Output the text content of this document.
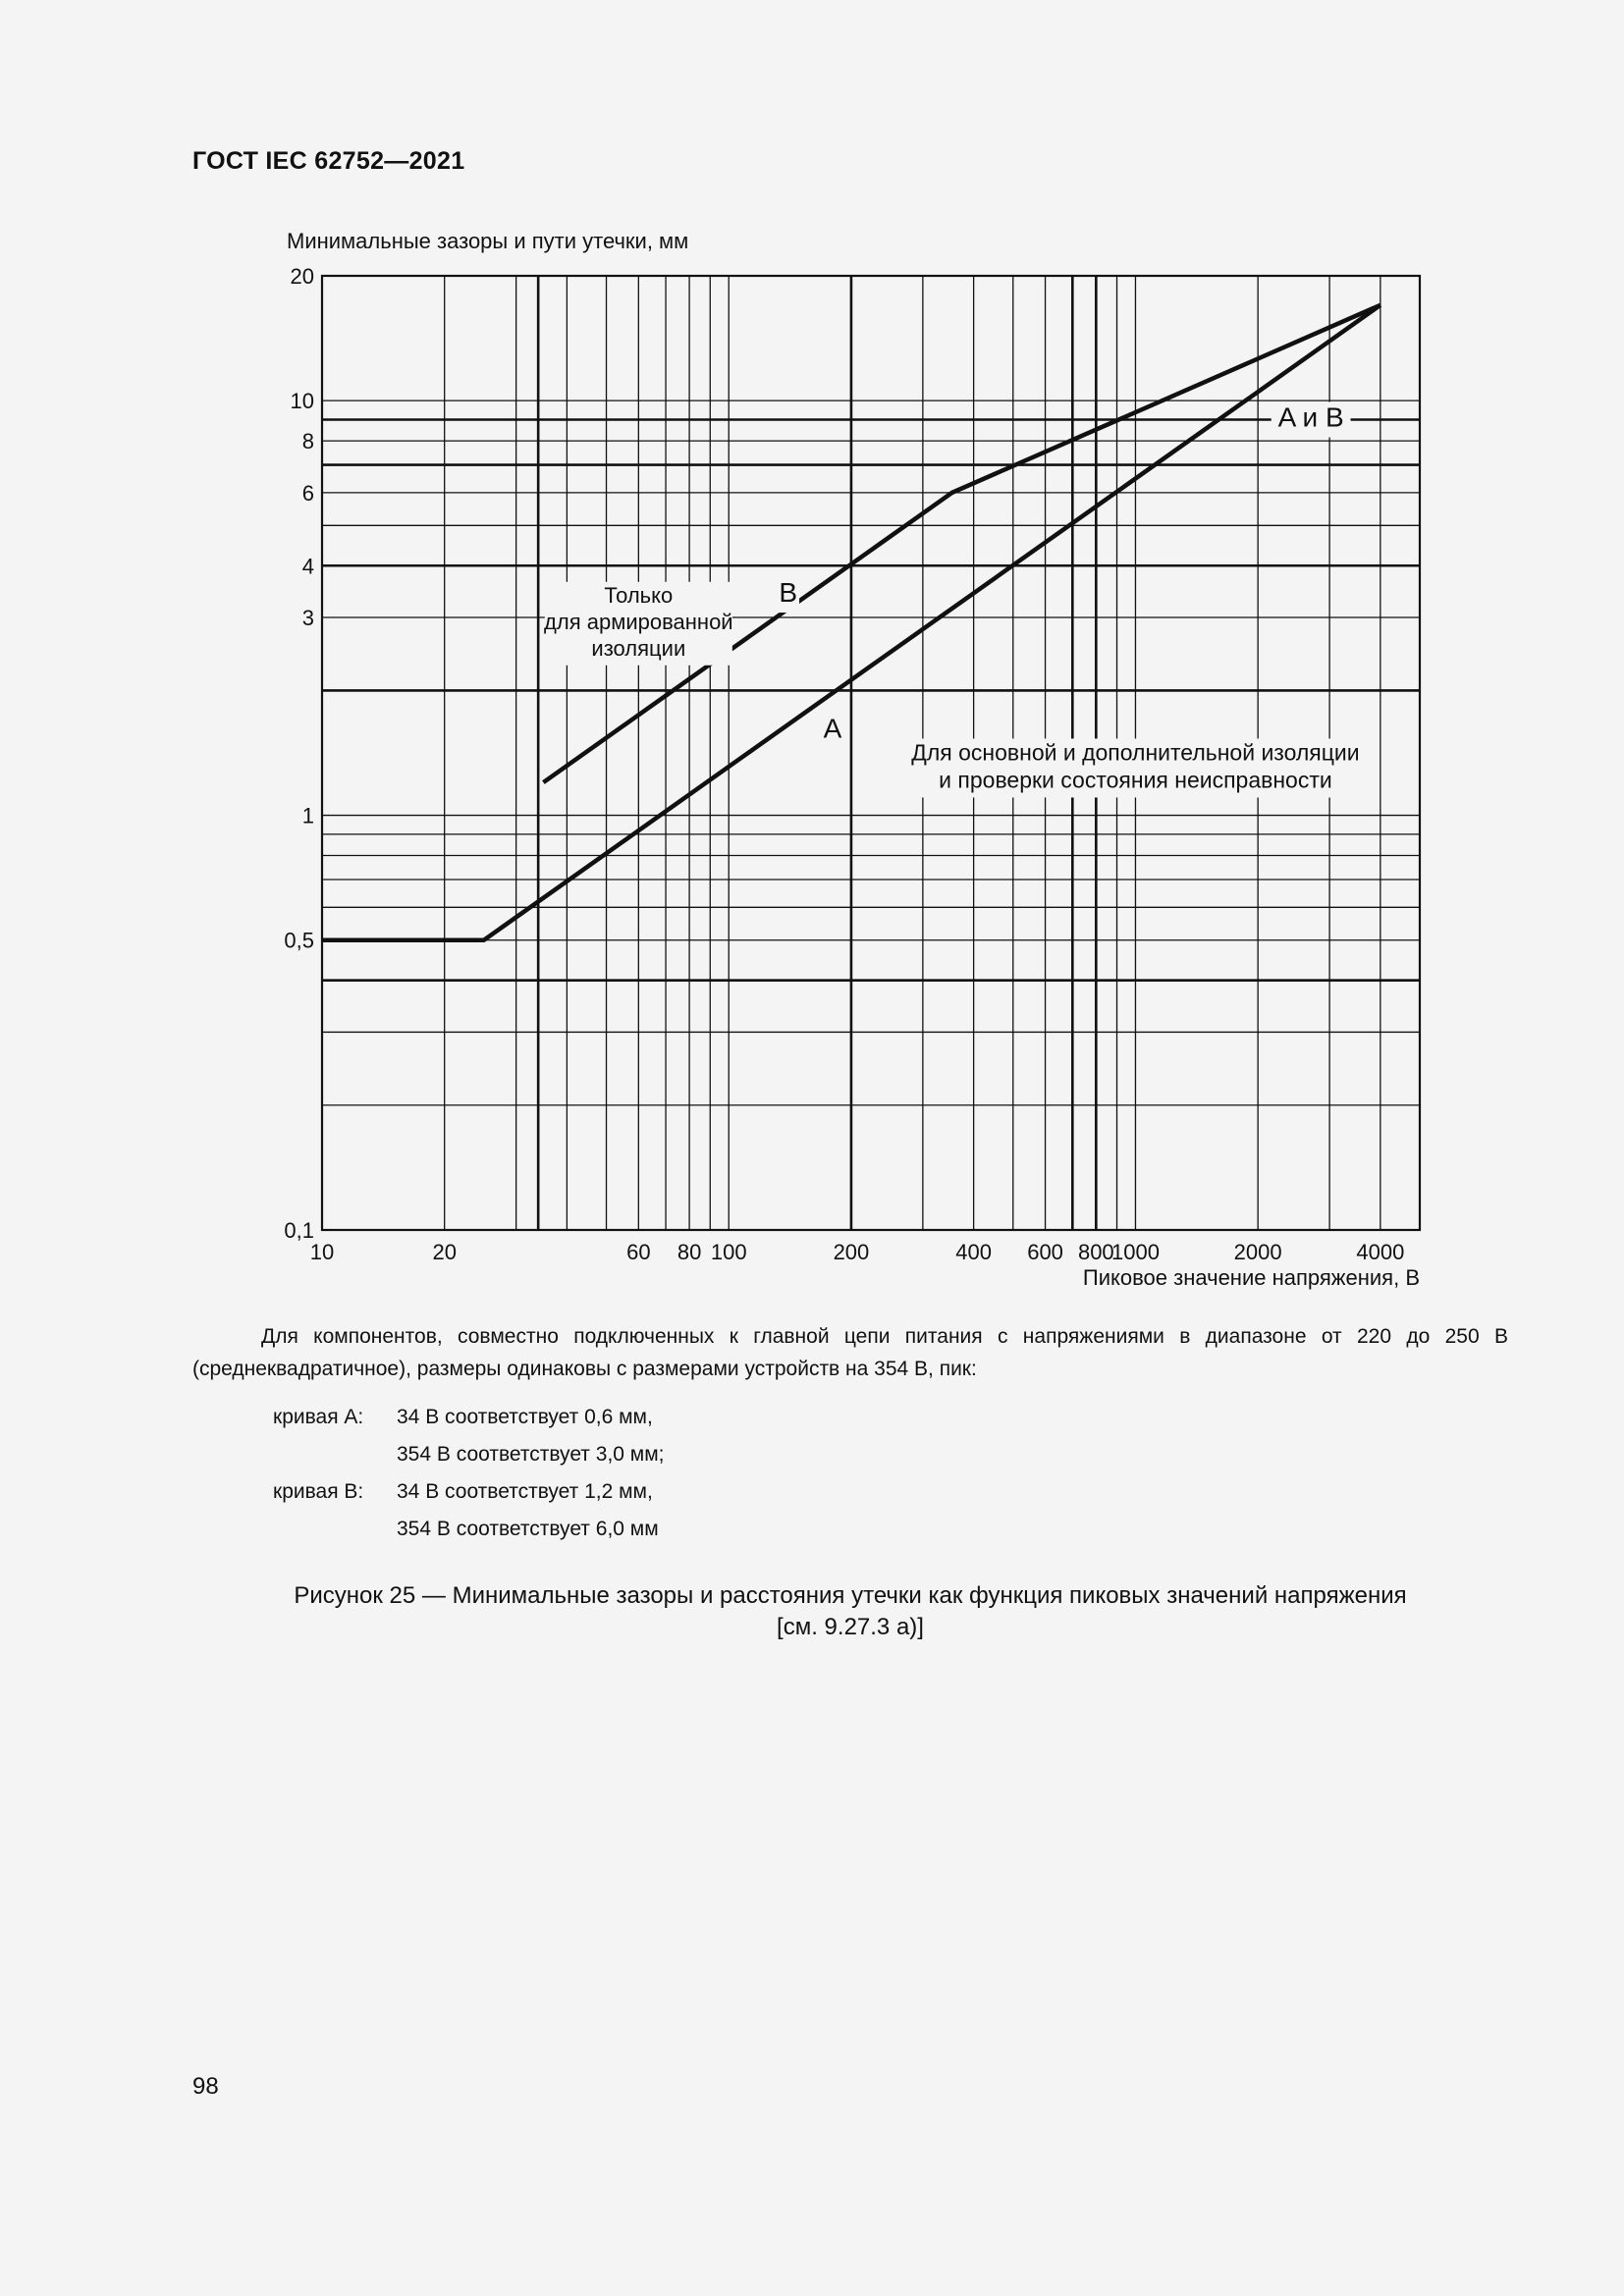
ГОСТ IEC 62752—2021
10	20	60 80 100	200	400 600 800
1000	2000	4000
0,1
0,5
1
3
4
6
8
10
20
Минимальные зазоры и пути утечки, мм
Пиковое значение напряжения, В
Только
для армированной
изоляции
Для основной и дополнительной изоляции
и проверки состояния неисправности
B
A
A и B
Для компонентов, совместно подключенных к главной цепи питания с напряжениями в диапазоне от 220 до 250 В (среднеквадратичное), размеры одинаковы с размерами устройств на 354 В, пик:
кривая A:	34 В соответствует 0,6 мм,
354 В соответствует 3,0 мм;
кривая B:	34 В соответствует 1,2 мм,
354 В соответствует 6,0 мм
Рисунок 25 — Минимальные зазоры и расстояния утечки как функция пиковых значений напряжения
[см. 9.27.3 а)]
98
